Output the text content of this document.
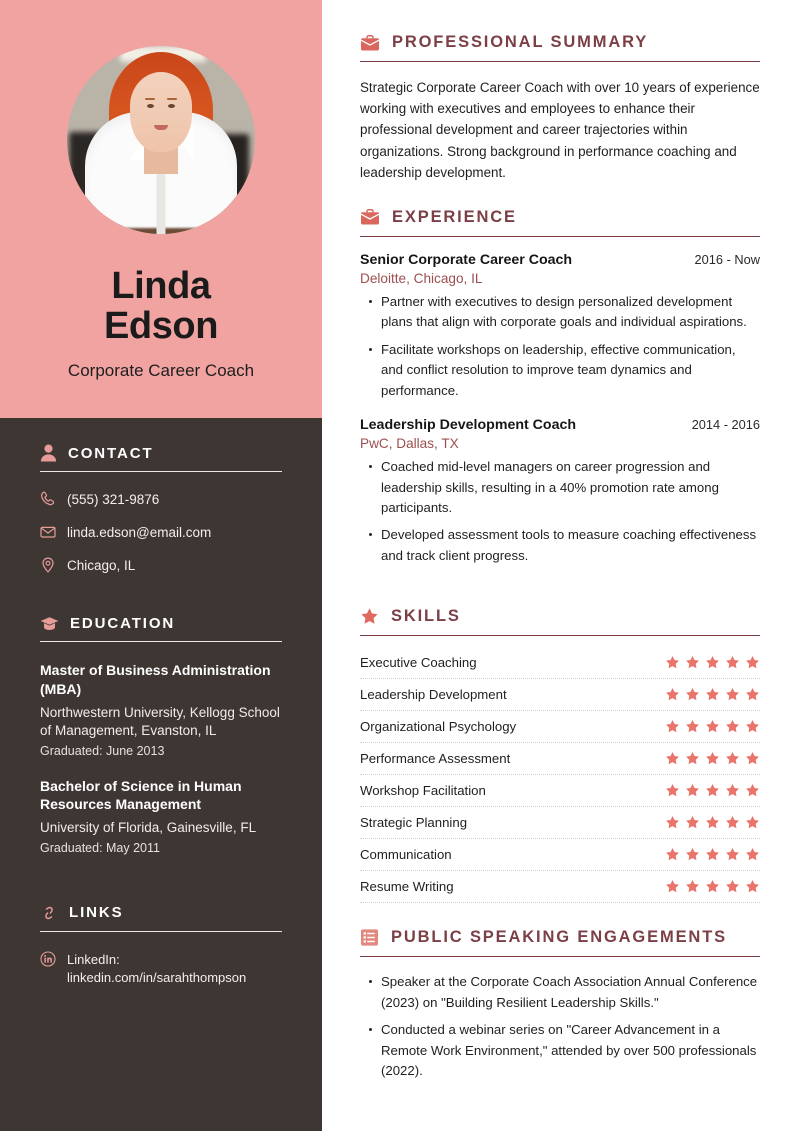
Linda
Edson
Corporate Career Coach
CONTACT
(555) 321-9876
linda.edson@email.com
Chicago, IL
EDUCATION
Master of Business Administration (MBA)
Northwestern University, Kellogg School of Management, Evanston, IL
Graduated: June 2013
Bachelor of Science in Human Resources Management
University of Florida, Gainesville, FL
Graduated: May 2011
LINKS
LinkedIn:
linkedin.com/in/sarahthompson
PROFESSIONAL SUMMARY
Strategic Corporate Career Coach with over 10 years of experience working with executives and employees to enhance their professional development and career trajectories within organizations. Strong background in performance coaching and leadership development.
EXPERIENCE
Senior Corporate Career Coach	2016 - Now
Deloitte, Chicago, IL
Partner with executives to design personalized development plans that align with corporate goals and individual aspirations.
Facilitate workshops on leadership, effective communication, and conflict resolution to improve team dynamics and performance.
Leadership Development Coach	2014 - 2016
PwC, Dallas, TX
Coached mid-level managers on career progression and leadership skills, resulting in a 40% promotion rate among participants.
Developed assessment tools to measure coaching effectiveness and track client progress.
SKILLS
Executive Coaching
Leadership Development
Organizational Psychology
Performance Assessment
Workshop Facilitation
Strategic Planning
Communication
Resume Writing
PUBLIC SPEAKING ENGAGEMENTS
Speaker at the Corporate Coach Association Annual Conference (2023) on "Building Resilient Leadership Skills."
Conducted a webinar series on "Career Advancement in a Remote Work Environment," attended by over 500 professionals (2022).
